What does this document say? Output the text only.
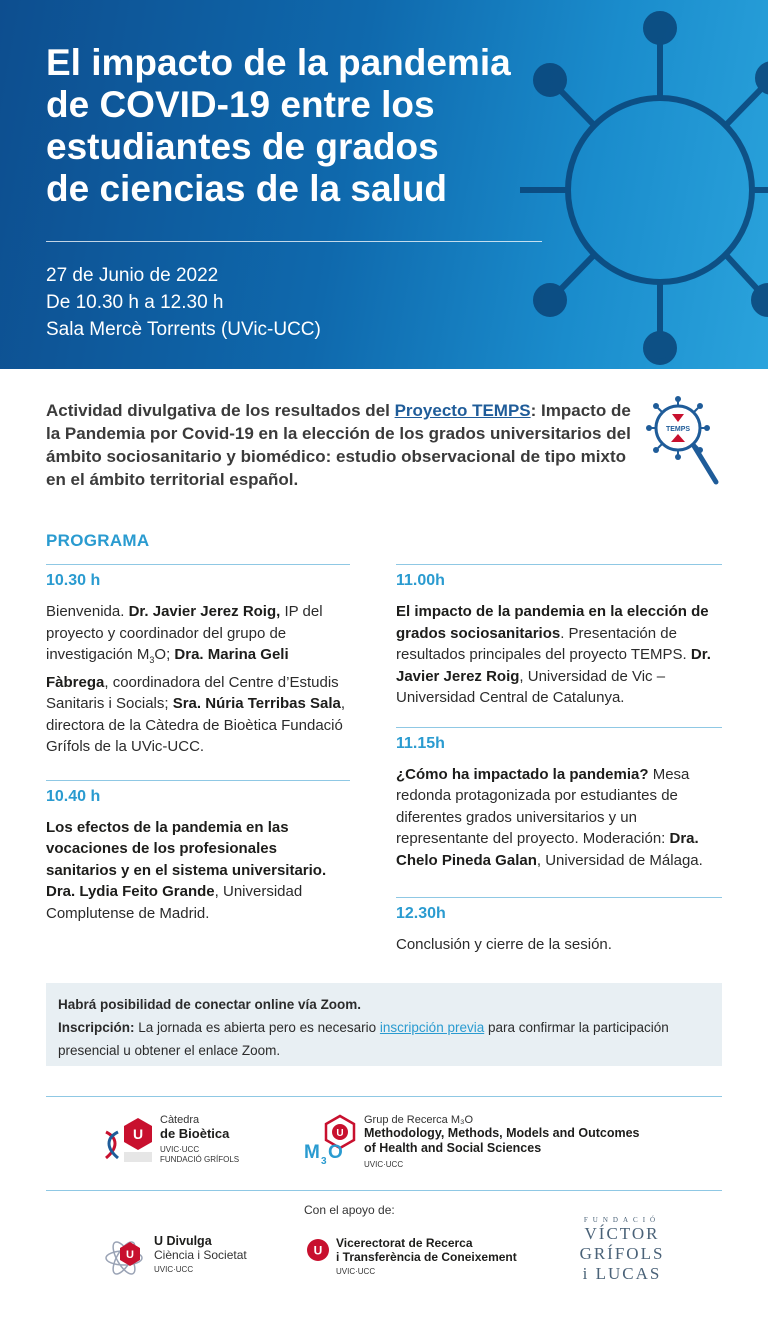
El impacto de la pandemia
de COVID-19 entre los
estudiantes de grados
de ciencias de la salud
27 de Junio de 2022
De 10.30 h a 12.30 h
Sala Mercè Torrents (UVic-UCC)
Actividad divulgativa de los resultados del Proyecto TEMPS: Impacto de la Pandemia por Covid-19 en la elección de los grados universitarios del ámbito sociosanitario y biomédico: estudio observacional de tipo mixto en el ámbito territorial español.
TEMPS
PROGRAMA
10.30 h
Bienvenida. Dr. Javier Jerez Roig, IP del proyecto y coordinador del grupo de investigación $M_3O$; Dra. Marina Geli Fàbrega, coordinadora del Centre d’Estudis Sanitaris i Socials; Sra. Núria Terribas Sala, directora de la Càtedra de Bioètica Fundació Grífols de la UVic-UCC.
10.40 h
Los efectos de la pandemia en las vocaciones de los profesionales sanitarios y en el sistema universitario. Dra. Lydia Feito Grande, Universidad Complutense de Madrid.
11.00h
El impacto de la pandemia en la elección de grados sociosanitarios. Presentación de resultados principales del proyecto TEMPS. Dr. Javier Jerez Roig, Universidad de Vic – Universidad Central de Catalunya.
11.15h
¿Cómo ha impactado la pandemia? Mesa redonda protagonizada por estudiantes de diferentes grados universitarios y un representante del proyecto. Moderación: Dra. Chelo Pineda Galan, Universidad de Málaga.
12.30h
Conclusión y cierre de la sesión.
Habrá posibilidad de conectar online vía Zoom.
Inscripción: La jornada es abierta pero es necesario inscripción previa para confirmar la participación presencial u obtener el enlace Zoom.
U
Càtedra
de Bioètica
UVIC·UCC
FUNDACIÓ GRÍFOLS
U
M 3 O
Grup de Recerca M₃O
Methodology, Methods, Models and Outcomes
of Health and Social Sciences
UVIC·UCC
Con el apoyo de:
U
U Divulga
Ciència i Societat
UVIC·UCC
U
Vicerectorat de Recerca
i Transferència de Coneixement
UVIC·UCC
FUNDACIÓ
VÍCTOR
GRÍFOLS
i LUCAS
